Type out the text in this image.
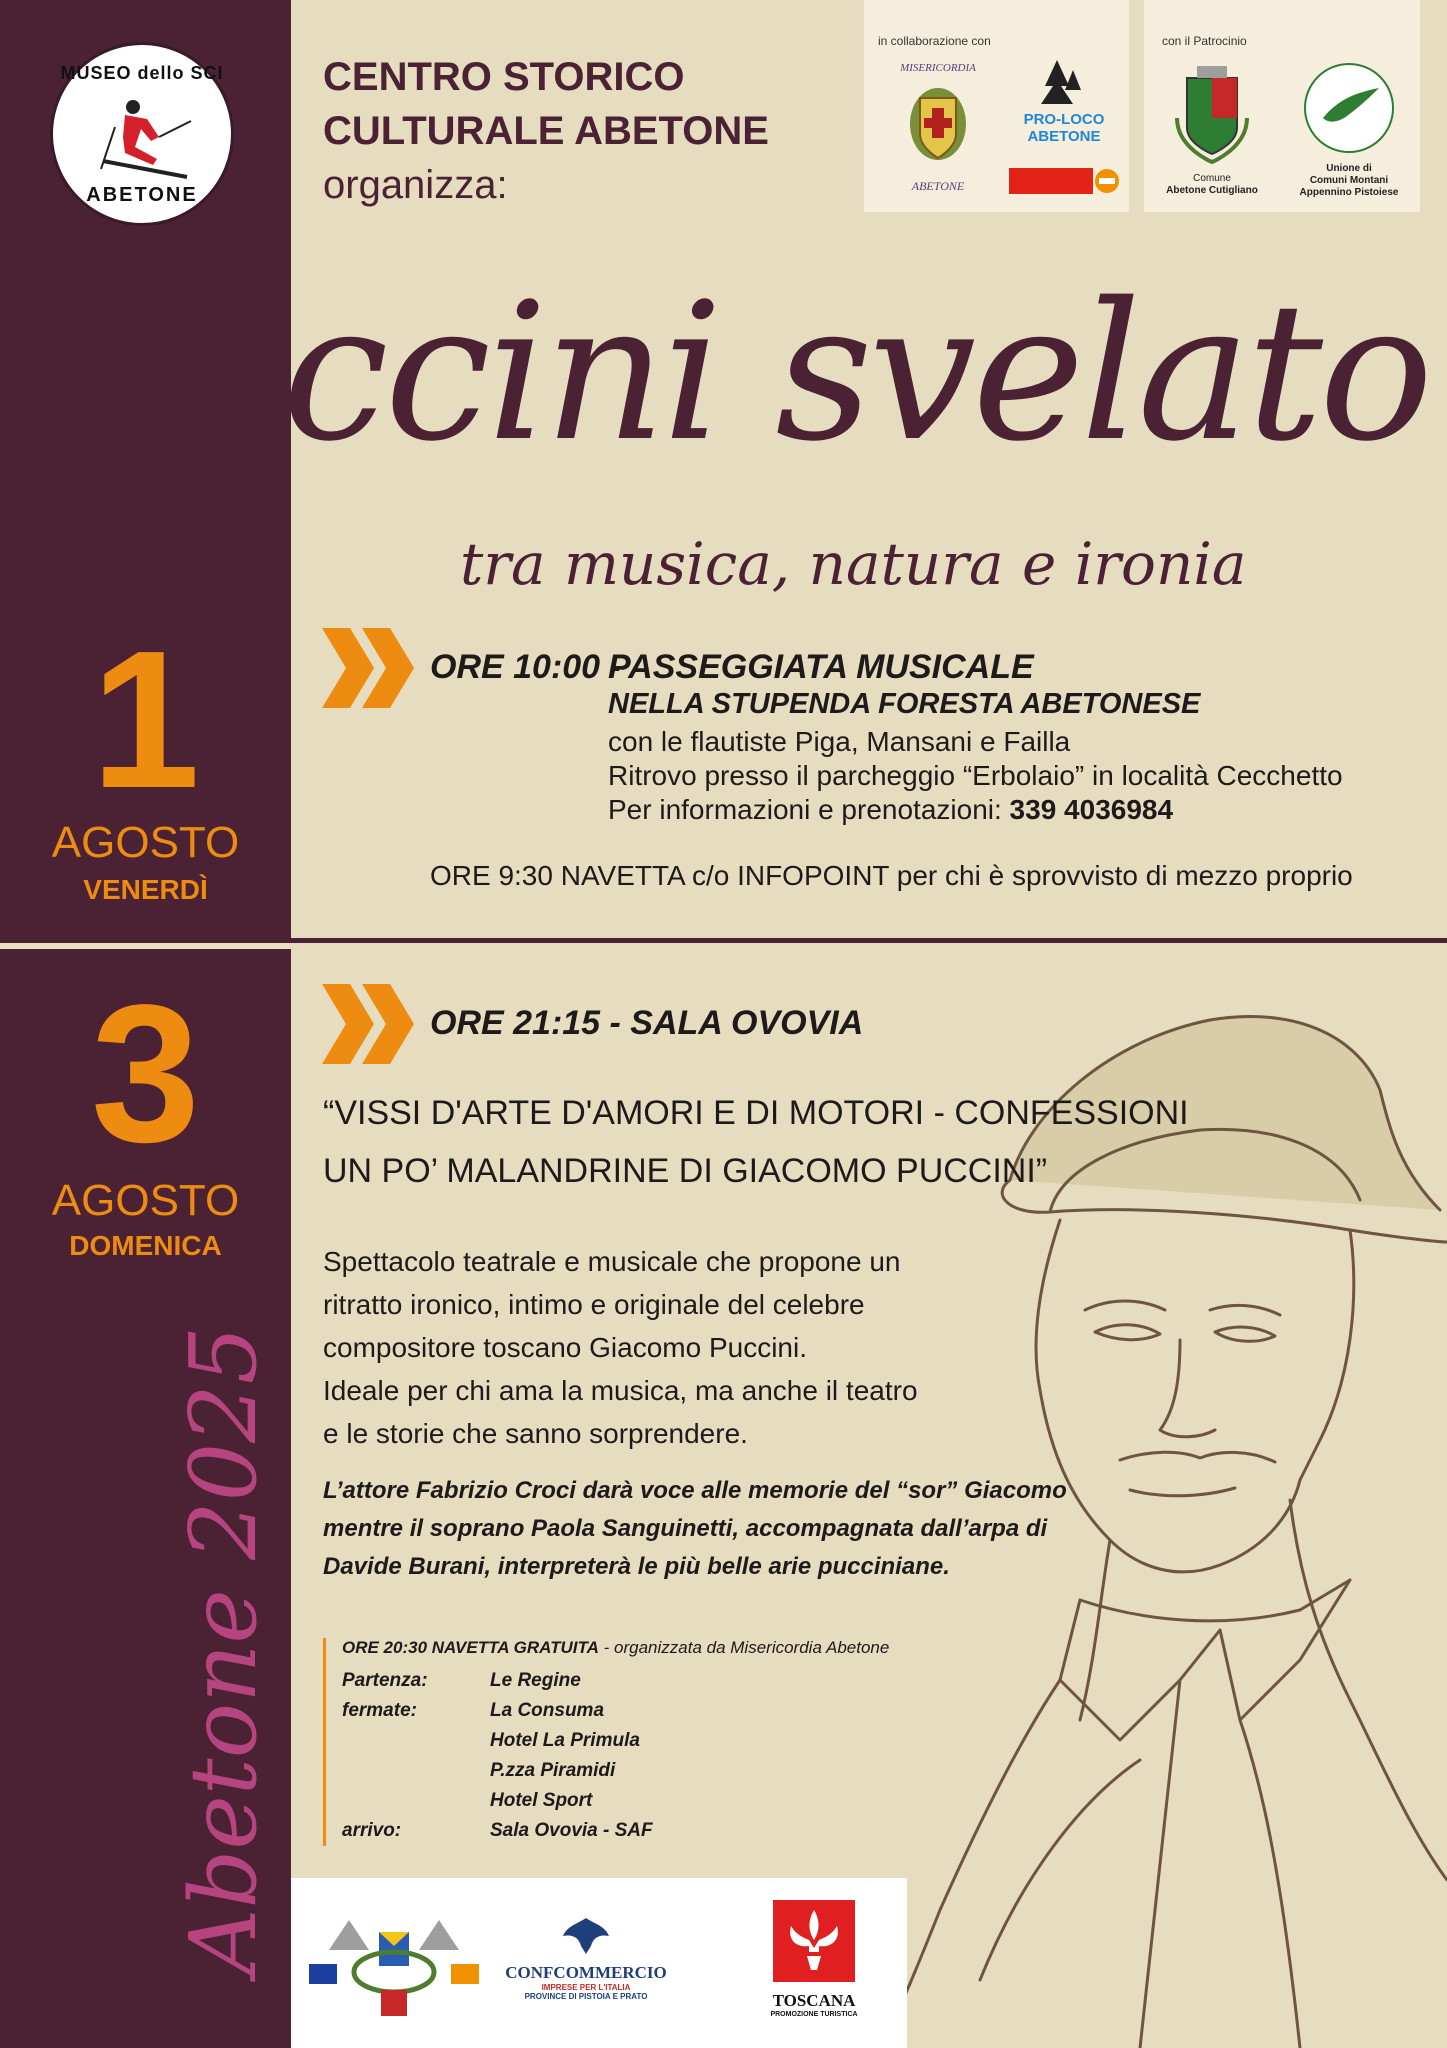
MUSEO dello SCI
ABETONE
CENTRO STORICO
CULTURALE ABETONE
organizza:
in collaborazione con
MISERICORDIA
ABETONE
PRO-LOCO ABETONE
con il Patrocinio
Comune
Abetone Cutigliano
Unione di
Comuni Montani
Appennino Pistoiese
Puccini svelato
tra musica, natura e ironia
1
AGOSTO
VENERDÌ
ORE 10:00 -
PASSEGGIATA MUSICALE
NELLA STUPENDA FORESTA ABETONESE
con le flautiste Piga, Mansani e Failla
Ritrovo presso il parcheggio “Erbolaio” in località Cecchetto
Per informazioni e prenotazioni: 339 4036984
ORE 9:30 NAVETTA c/o INFOPOINT per chi è sprovvisto di mezzo proprio
3
AGOSTO
DOMENICA
ORE 21:15 - SALA OVOVIA
“VISSI D'ARTE D'AMORI E DI MOTORI - CONFESSIONI
UN PO’ MALANDRINE DI GIACOMO PUCCINI”
Spettacolo teatrale e musicale che propone un
ritratto ironico, intimo e originale del celebre
compositore toscano Giacomo Puccini.
Ideale per chi ama la musica, ma anche il teatro
e le storie che sanno sorprendere.
L’attore Fabrizio Croci darà voce alle memorie del “sor” Giacomo
mentre il soprano Paola Sanguinetti, accompagnata dall’arpa di
Davide Burani, interpreterà le più belle arie pucciniane.
ORE 20:30 NAVETTA GRATUITA - organizzata da Misericordia Abetone
Partenza:	Le Regine
fermate:	La Consuma
Hotel La Primula
P.zza Piramidi
Hotel Sport
arrivo:	Sala Ovovia - SAF
Abetone 2025	CONFCOMMERCIO
IMPRESE PER L'ITALIA
PROVINCE DI PISTOIA E PRATO	TOSCANA
PROMOZIONE TURISTICA
